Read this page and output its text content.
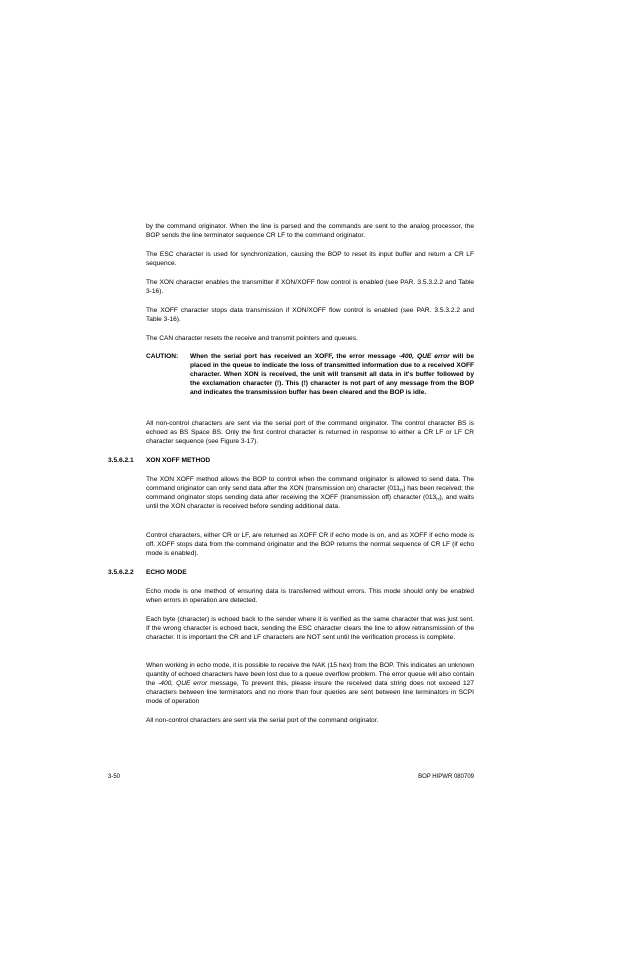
by the command originator. When the line is parsed and the commands are sent to the analog processor, the BOP sends the line terminator sequence CR LF to the command originator.

The ESC character is used for synchronization, causing the BOP to reset its input buffer and return a CR LF sequence.

The XON character enables the transmitter if XON/XOFF flow control is enabled (see PAR. 3.5.3.2.2 and Table 3-16).

The XOFF character stops data transmission if XON/XOFF flow control is enabled (see PAR. 3.5.3.2.2 and Table 3-16).

The CAN character resets the receive and transmit pointers and queues.

CAUTION:	When the serial port has received an XOFF, the error message -400, QUE error will be placed in the queue to indicate the loss of transmitted information due to a received XOFF character. When XON is received, the unit will transmit all data in it's buffer followed by the exclamation character (!). This (!) character is not part of any message from the BOP and indicates the transmission buffer has been cleared and the BOP is idle.

All non-control characters are sent via the serial port of the command originator. The control character BS is echoed as BS Space BS. Only the first control character is returned in response to either a CR LF or LF CR character sequence (see Figure 3-17).

3.5.6.2.1 XON XOFF METHOD

The XON XOFF method allows the BOP to control when the command originator is allowed to send data. The command originator can only send data after the XON (transmission on) character $(011_H)$ has been received; the command originator stops sending data after receiving the XOFF (transmission off) character $(013_H)$, and waits until the XON character is received before sending additional data.

Control characters, either CR or LF, are returned as XOFF CR if echo mode is on, and as XOFF if echo mode is off. XOFF stops data from the command originator and the BOP returns the normal sequence of CR LF (if echo mode is enabled).

3.5.6.2.2 ECHO MODE

Echo mode is one method of ensuring data is transferred without errors. This mode should only be enabled when errors in operation are detected.

Each byte (character) is echoed back to the sender where it is verified as the same character that was just sent. If the wrong character is echoed back, sending the ESC character clears the line to allow retransmission of the character. It is important the CR and LF characters are NOT sent until the verification process is complete.

When working in echo mode, it is possible to receive the NAK (15 hex) from the BOP. This indicates an unknown quantity of echoed characters have been lost due to a queue overflow problem. The error queue will also contain the -400, QUE error message, To prevent this, please insure the received data string does not exceed 127 characters between line terminators and no more than four queries are sent between line terminators in SCPI mode of operation

All non-control characters are sent via the serial port of the command originator.

3-50	BOP HIPWR 080709
